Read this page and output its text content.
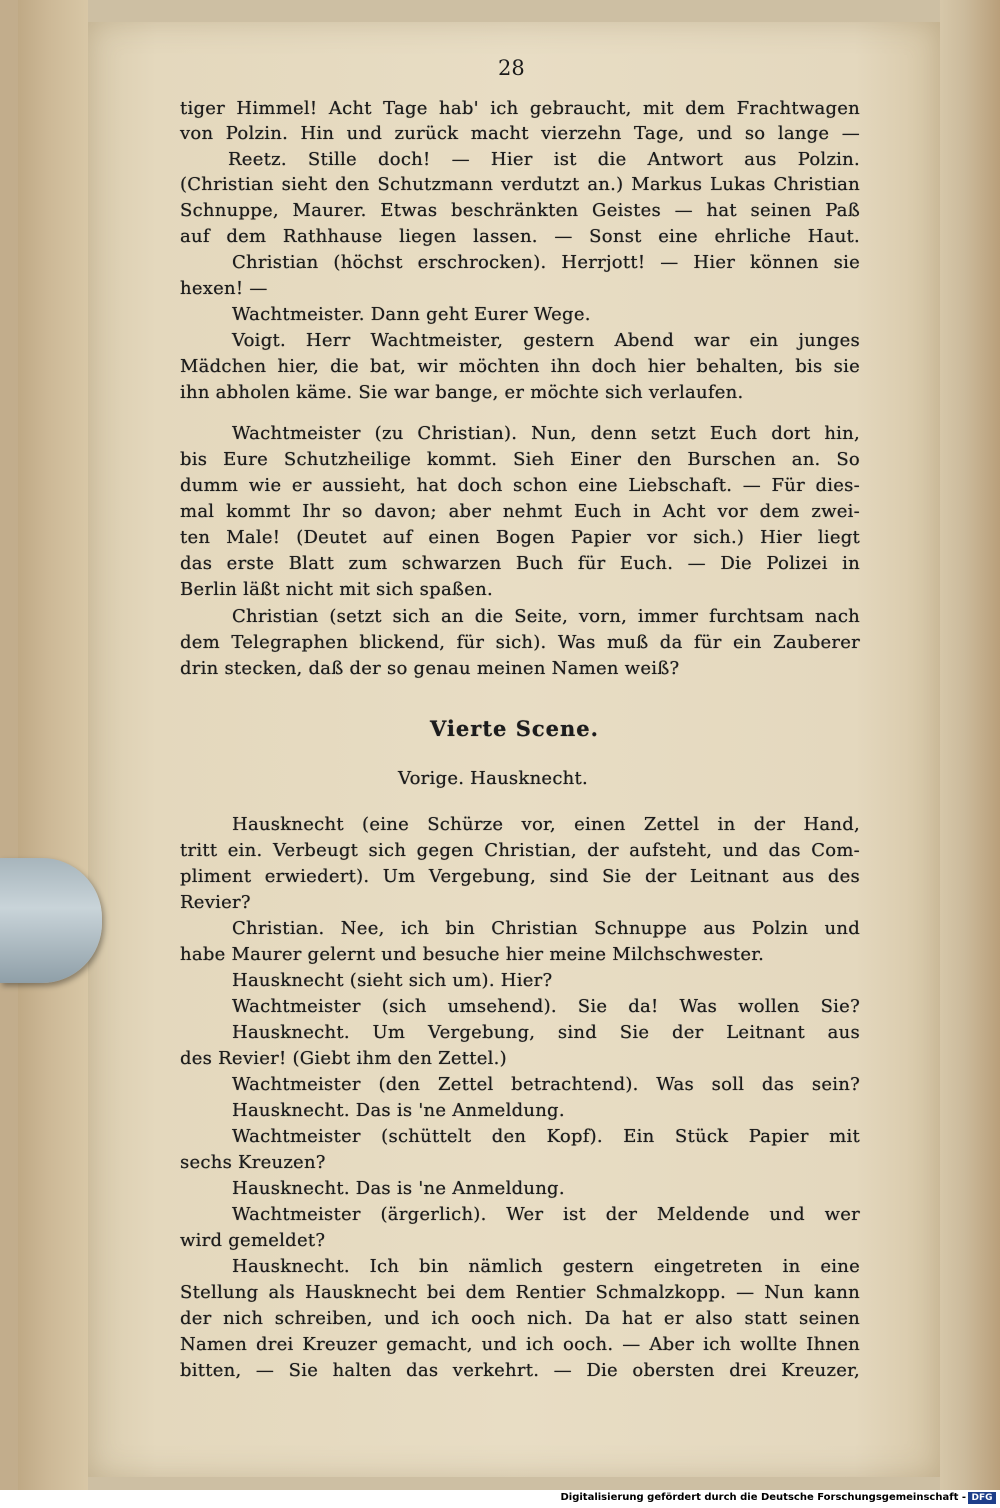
28
tiger Himmel! Acht Tage hab' ich gebraucht, mit dem Frachtwagen
von Polzin. Hin und zurück macht vierzehn Tage, und so lange —
Reetz. Stille doch! — Hier ist die Antwort aus Polzin.
(Christian sieht den Schutzmann verdutzt an.) Markus Lukas Christian
Schnuppe, Maurer. Etwas beschränkten Geistes — hat seinen Paß
auf dem Rathhause liegen lassen. — Sonst eine ehrliche Haut.
Christian (höchst erschrocken). Herrjott! — Hier können sie
hexen! —
Wachtmeister. Dann geht Eurer Wege.
Voigt. Herr Wachtmeister, gestern Abend war ein junges
Mädchen hier, die bat, wir möchten ihn doch hier behalten, bis sie
ihn abholen käme. Sie war bange, er möchte sich verlaufen.
Wachtmeister (zu Christian). Nun, denn setzt Euch dort hin,
bis Eure Schutzheilige kommt. Sieh Einer den Burschen an. So
dumm wie er aussieht, hat doch schon eine Liebschaft. — Für dies-
mal kommt Ihr so davon; aber nehmt Euch in Acht vor dem zwei-
ten Male! (Deutet auf einen Bogen Papier vor sich.) Hier liegt
das erste Blatt zum schwarzen Buch für Euch. — Die Polizei in
Berlin läßt nicht mit sich spaßen.
Christian (setzt sich an die Seite, vorn, immer furchtsam nach
dem Telegraphen blickend, für sich). Was muß da für ein Zauberer
drin stecken, daß der so genau meinen Namen weiß?
Vierte Scene.
Vorige. Hausknecht.
Hausknecht (eine Schürze vor, einen Zettel in der Hand,
tritt ein. Verbeugt sich gegen Christian, der aufsteht, und das Com-
pliment erwiedert). Um Vergebung, sind Sie der Leitnant aus des
Revier?
Christian. Nee, ich bin Christian Schnuppe aus Polzin und
habe Maurer gelernt und besuche hier meine Milchschwester.
Hausknecht (sieht sich um). Hier?
Wachtmeister (sich umsehend). Sie da! Was wollen Sie?
Hausknecht. Um Vergebung, sind Sie der Leitnant aus
des Revier! (Giebt ihm den Zettel.)
Wachtmeister (den Zettel betrachtend). Was soll das sein?
Hausknecht. Das is 'ne Anmeldung.
Wachtmeister (schüttelt den Kopf). Ein Stück Papier mit
sechs Kreuzen?
Hausknecht. Das is 'ne Anmeldung.
Wachtmeister (ärgerlich). Wer ist der Meldende und wer
wird gemeldet?
Hausknecht. Ich bin nämlich gestern eingetreten in eine
Stellung als Hausknecht bei dem Rentier Schmalzkopp. — Nun kann
der nich schreiben, und ich ooch nich. Da hat er also statt seinen
Namen drei Kreuzer gemacht, und ich ooch. — Aber ich wollte Ihnen
bitten, — Sie halten das verkehrt. — Die obersten drei Kreuzer,
Digitalisierung gefördert durch die Deutsche Forschungsgemeinschaft - DFG
